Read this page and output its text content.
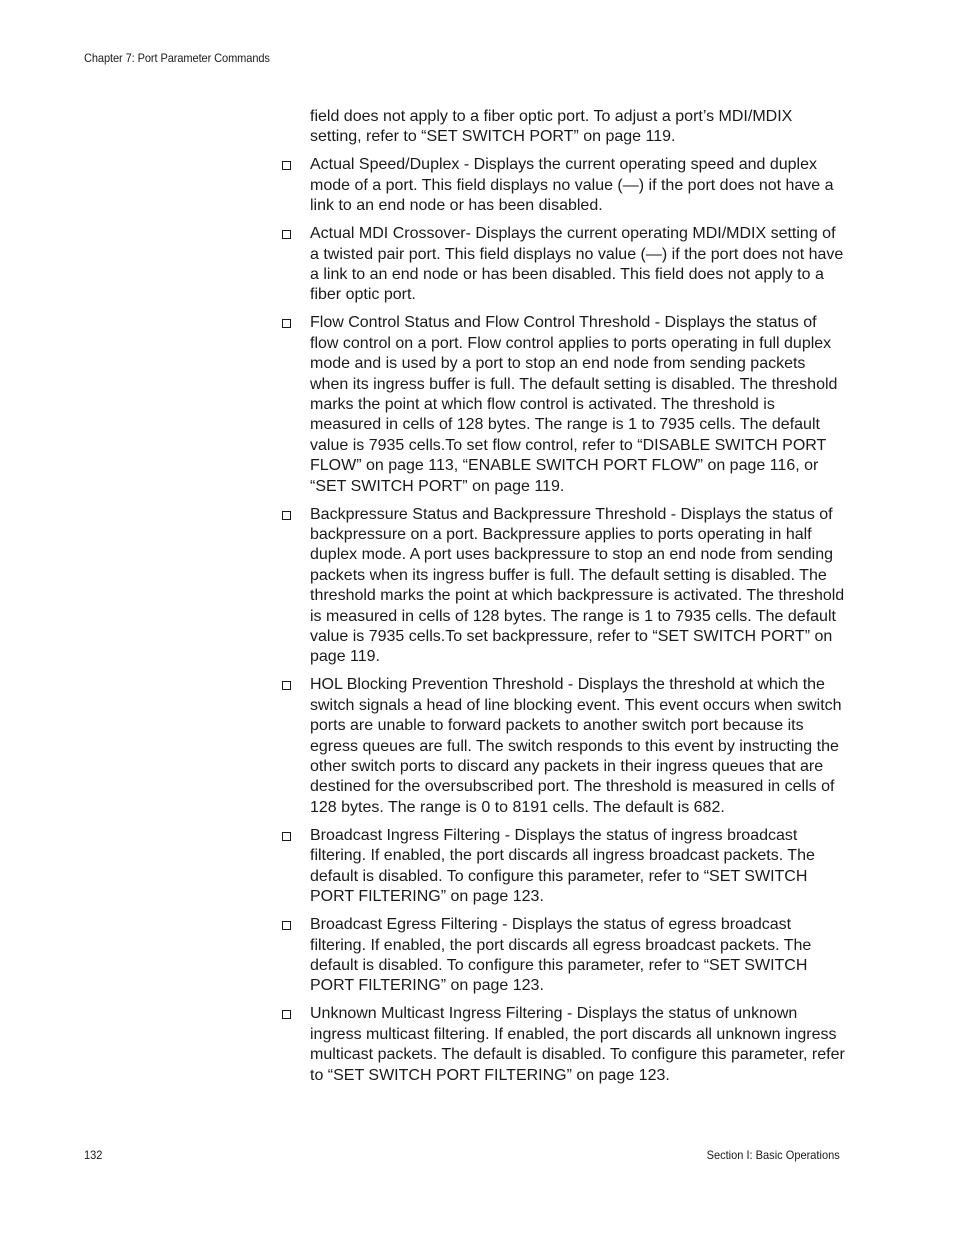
Chapter 7: Port Parameter Commands

field does not apply to a fiber optic port. To adjust a port’s MDI/MDIX setting, refer to “SET SWITCH PORT” on page 119.

Actual Speed/Duplex - Displays the current operating speed and duplex mode of a port. This field displays no value (—) if the port does not have a link to an end node or has been disabled.
Actual MDI Crossover- Displays the current operating MDI/MDIX setting of a twisted pair port. This field displays no value (—) if the port does not have a link to an end node or has been disabled. This field does not apply to a fiber optic port.
Flow Control Status and Flow Control Threshold - Displays the status of flow control on a port. Flow control applies to ports operating in full duplex mode and is used by a port to stop an end node from sending packets when its ingress buffer is full. The default setting is disabled. The threshold marks the point at which flow control is activated. The threshold is measured in cells of 128 bytes. The range is 1 to 7935 cells. The default value is 7935 cells.To set flow control, refer to “DISABLE SWITCH PORT FLOW” on page 113, “ENABLE SWITCH PORT FLOW” on page 116, or “SET SWITCH PORT” on page 119.
Backpressure Status and Backpressure Threshold - Displays the status of backpressure on a port. Backpressure applies to ports operating in half duplex mode. A port uses backpressure to stop an end node from sending packets when its ingress buffer is full. The default setting is disabled. The threshold marks the point at which backpressure is activated. The threshold is measured in cells of 128 bytes. The range is 1 to 7935 cells. The default value is 7935 cells.To set backpressure, refer to “SET SWITCH PORT” on page 119.
HOL Blocking Prevention Threshold - Displays the threshold at which the switch signals a head of line blocking event. This event occurs when switch ports are unable to forward packets to another switch port because its egress queues are full. The switch responds to this event by instructing the other switch ports to discard any packets in their ingress queues that are destined for the oversubscribed port. The threshold is measured in cells of 128 bytes. The range is 0 to 8191 cells. The default is 682.
Broadcast Ingress Filtering - Displays the status of ingress broadcast filtering. If enabled, the port discards all ingress broadcast packets. The default is disabled. To configure this parameter, refer to “SET SWITCH PORT FILTERING” on page 123.
Broadcast Egress Filtering - Displays the status of egress broadcast filtering. If enabled, the port discards all egress broadcast packets. The default is disabled. To configure this parameter, refer to “SET SWITCH PORT FILTERING” on page 123.
Unknown Multicast Ingress Filtering - Displays the status of unknown ingress multicast filtering. If enabled, the port discards all unknown ingress multicast packets. The default is disabled. To configure this parameter, refer to “SET SWITCH PORT FILTERING” on page 123.
132	Section I: Basic Operations
